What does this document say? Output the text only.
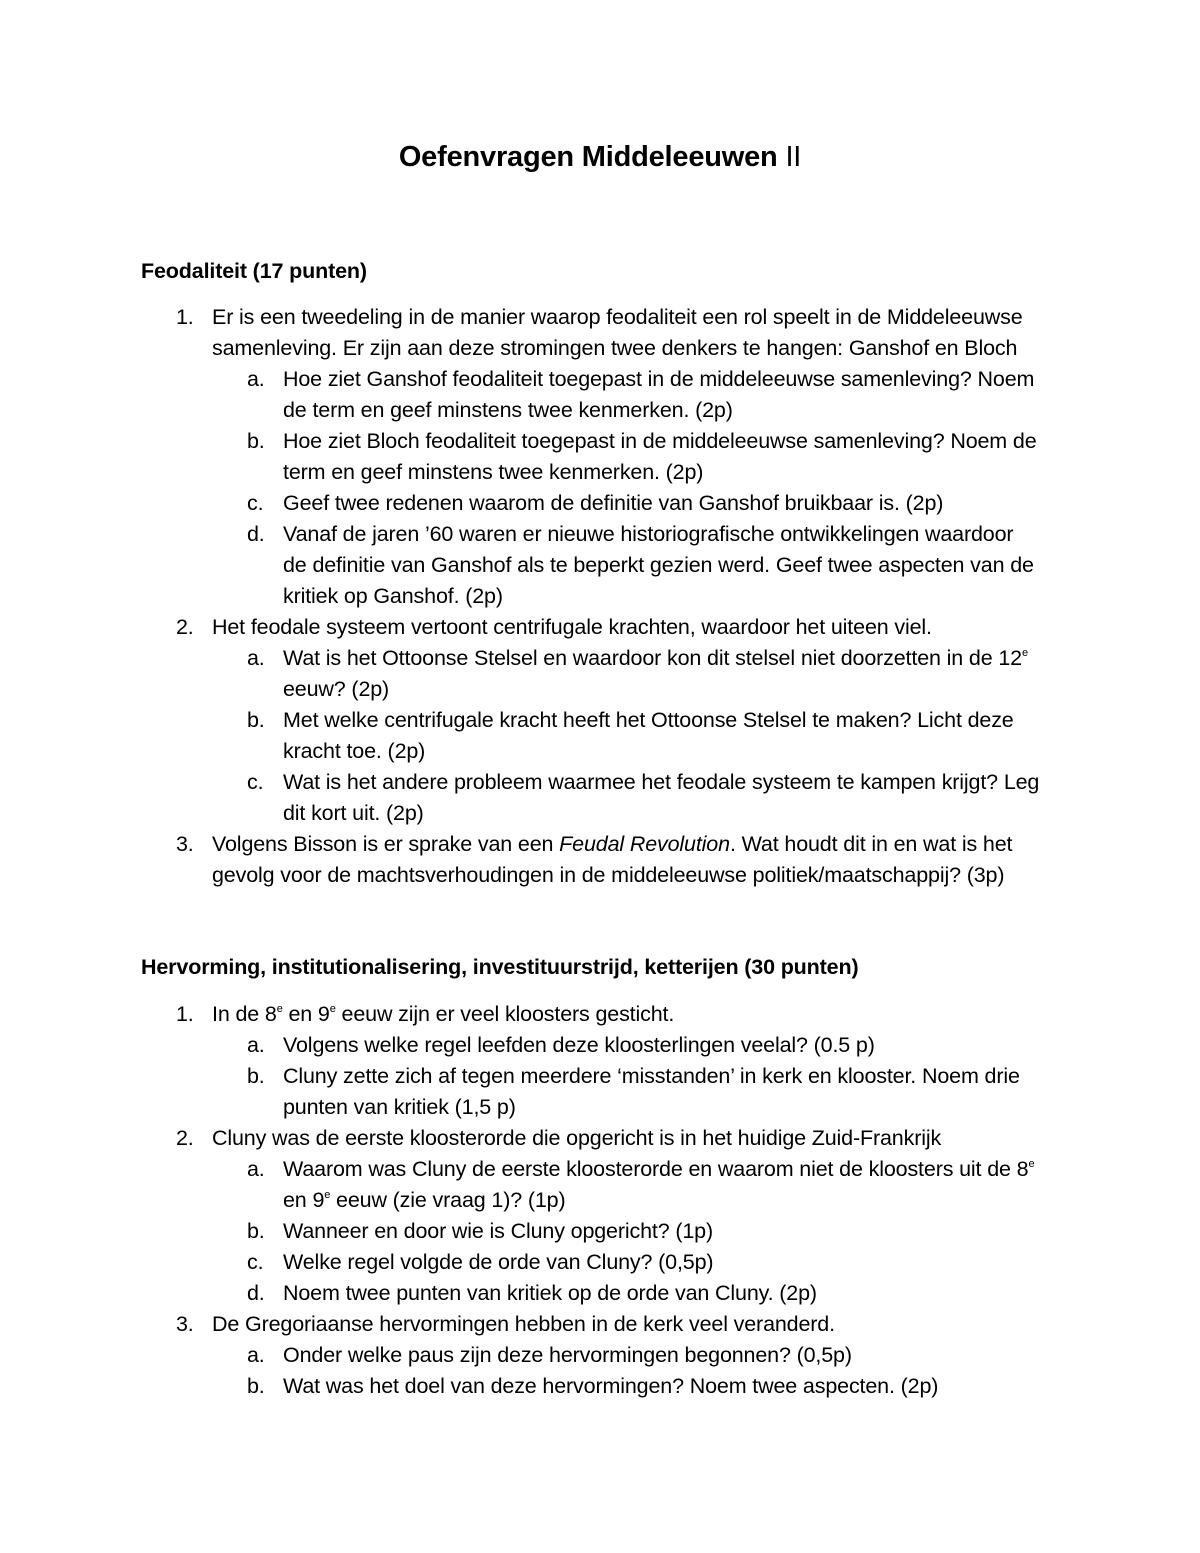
Oefenvragen Middeleeuwen II
Feodaliteit (17 punten)
1. Er is een tweedeling in de manier waarop feodaliteit een rol speelt in de Middeleeuwse
samenleving. Er zijn aan deze stromingen twee denkers te hangen: Ganshof en Bloch
a. Hoe ziet Ganshof feodaliteit toegepast in de middeleeuwse samenleving? Noem
de term en geef minstens twee kenmerken. (2p)
b. Hoe ziet Bloch feodaliteit toegepast in de middeleeuwse samenleving? Noem de
term en geef minstens twee kenmerken. (2p)
c. Geef twee redenen waarom de definitie van Ganshof bruikbaar is. (2p)
d. Vanaf de jaren ’60 waren er nieuwe historiografische ontwikkelingen waardoor
de definitie van Ganshof als te beperkt gezien werd. Geef twee aspecten van de
kritiek op Ganshof. (2p)
2. Het feodale systeem vertoont centrifugale krachten, waardoor het uiteen viel.
a. Wat is het Ottoonse Stelsel en waardoor kon dit stelsel niet doorzetten in de 12e
eeuw? (2p)
b. Met welke centrifugale kracht heeft het Ottoonse Stelsel te maken? Licht deze
kracht toe. (2p)
c. Wat is het andere probleem waarmee het feodale systeem te kampen krijgt? Leg
dit kort uit. (2p)
3. Volgens Bisson is er sprake van een Feudal Revolution. Wat houdt dit in en wat is het
gevolg voor de machtsverhoudingen in de middeleeuwse politiek/maatschappij? (3p)
Hervorming, institutionalisering, investituurstrijd, ketterijen (30 punten)
1. In de 8e en 9e eeuw zijn er veel kloosters gesticht.
a. Volgens welke regel leefden deze kloosterlingen veelal? (0.5 p)
b. Cluny zette zich af tegen meerdere ‘misstanden’ in kerk en klooster. Noem drie
punten van kritiek (1,5 p)
2. Cluny was de eerste kloosterorde die opgericht is in het huidige Zuid-Frankrijk
a. Waarom was Cluny de eerste kloosterorde en waarom niet de kloosters uit de 8e
en 9e eeuw (zie vraag 1)? (1p)
b. Wanneer en door wie is Cluny opgericht? (1p)
c. Welke regel volgde de orde van Cluny? (0,5p)
d. Noem twee punten van kritiek op de orde van Cluny. (2p)
3. De Gregoriaanse hervormingen hebben in de kerk veel veranderd.
a. Onder welke paus zijn deze hervormingen begonnen? (0,5p)
b. Wat was het doel van deze hervormingen? Noem twee aspecten. (2p)
